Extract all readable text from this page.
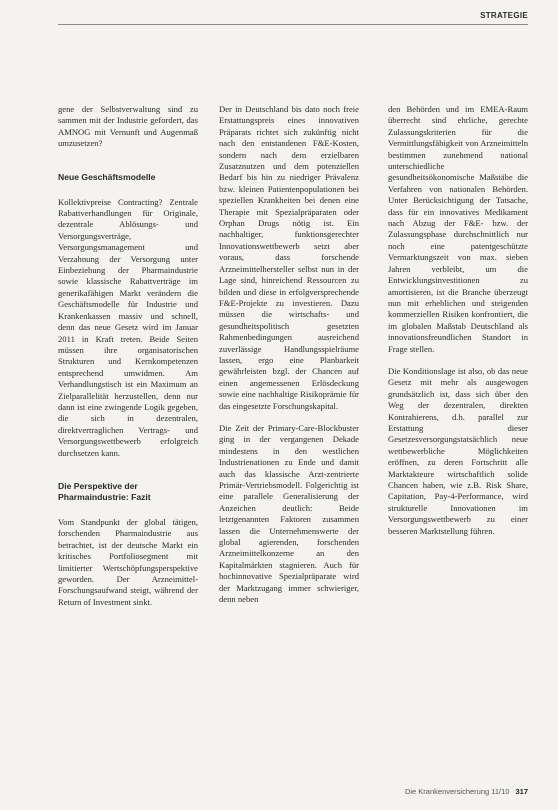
STRATEGIE

gene der Selbstverwaltung sind zu sammen mit der Industrie gefordert, das AMNOG mit Vernunft und Augenmaß umzusetzen?

Neue Geschäftsmodelle

Kollektivpreise Contracting? Zentrale Rabattverhandlungen für Originale, dezentrale Ablösungs- und Versorgungsverträge, Versorgungsmanagement und Verzahnung der Versorgung unter Einbeziehung der Pharmaindustrie sowie klassische Rabattverträge im generikafähigen Markt verändern die Geschäftsmodelle für Industrie und Krankenkassen massiv und schnell, denn das neue Gesetz wird im Januar 2011 in Kraft treten. Beide Seiten müssen ihre organisatorischen Strukturen und Kernkompetenzen entsprechend umwidmen. Am Verhandlungstisch ist ein Maximum an Zielparallelität herzustellen, denn nur dann ist eine zwingende Logik gegeben, die sich in dezentralen, direktvertraglichen Vertrags- und Versorgungswettbewerb erfolgreich durchsetzen kann.

Die Perspektive der Pharmaindustrie: Fazit

Vom Standpunkt der global tätigen, forschenden Pharmaindustrie aus betrachtet, ist der deutsche Markt ein kritisches Portfoliosegment mit limitierter Wertschöpfungsperspektive geworden. Der Arzneimittel-Forschungsaufwand steigt, während der Return of Investment sinkt.

Der in Deutschland bis dato noch freie Erstattungspreis eines innovativen Präparats richtet sich zukünftig nicht nach den entstandenen F&E-Kosten, sondern nach dem erzielbaren Zusatznutzen und dem potenziellen Bedarf bis hin zu niedriger Prävalenz bzw. kleinen Patientenpopulationen bei speziellen Krankheiten bei denen eine Therapie mit Spezialpräparaten oder Orphan Drugs nötig ist. Ein nachhaltiger, funktionsgerechter Innovationswettbewerb setzt aber voraus, dass forschende Arzneimittelhersteller selbst nun in der Lage sind, hinreichend Ressourcen zu bilden und diese in erfolgversprechende F&E-Projekte zu investieren. Dazu müssen die wirtschafts- und gesundheitspolitisch gesetzten Rahmenbedingungen ausreichend zuverlässige Handlungsspielräume lassen, ergo eine Planbarkeit gewährleisten bzgl. der Chancen auf einen angemessenen Erlösdeckung sowie eine nachhaltige Risikoprämie für das eingesetzte Forschungskapital.

Die Zeit der Primary-Care-Blockbuster ging in der vergangenen Dekade mindestens in den westlichen Industrienationen zu Ende und damit auch das klassische Arzt-zentrierte Primär-Vertriebsmodell. Folgerichtig ist eine parallele Generalisierung der Anzeichen deutlich: Beide letztgenannten Faktoren zusammen lassen die Unternehmenswerte der global agierenden, forschenden Arzneimittelkonzerne an den Kapitalmärkten stagnieren. Auch für hochinnovative Spezialpräparate wird der Marktzugang immer schwieriger, denn neben

den Behörden und im EMEA-Raum überrecht sind ehrliche, gerechte Zulassungskriterien für die Vermittlungsfähigkeit von Arzneimitteln bestimmen zunehmend national unterschiedliche gesundheitsökonomische Maßstäbe die Verfahren von nationalen Behörden. Unter Berücksichtigung der Tatsache, dass für ein innovatives Medikament nach Abzug der F&E- bzw. der Zulassungsphase durchschnittlich nur noch eine patentgeschützte Vermarktungszeit von max. sieben Jahren verbleibt, um die Entwicklungsinvestitionen zu amortisieren, ist die Branche überzeugt nun mit erheblichen und steigenden kommerziellen Risiken konfrontiert, die im globalen Maßstab Deutschland als innovationsfreundlichen Standort in Frage stellen.

Die Konditionslage ist also, ob das neue Gesetz mit mehr als ausgewogen grundsätzlich ist, dass sich über den Weg der dezentralen, direkten Kontrahierens, d.h. parallel zur Erstattung dieser Gesetzesversorgungstatsächlich neue wettbewerbliche Möglichkeiten eröffnen, zu deren Fortschritt alle Marktakteure wirtschaftlich solide Chancen haben, wie z.B. Risk Share, Capitation, Pay-4-Performance, wird strukturelle Innovationen im Versorgungswettbewerb zu einer besseren Marktstellung führen.

Die Krankenversicherung 11/10 317
